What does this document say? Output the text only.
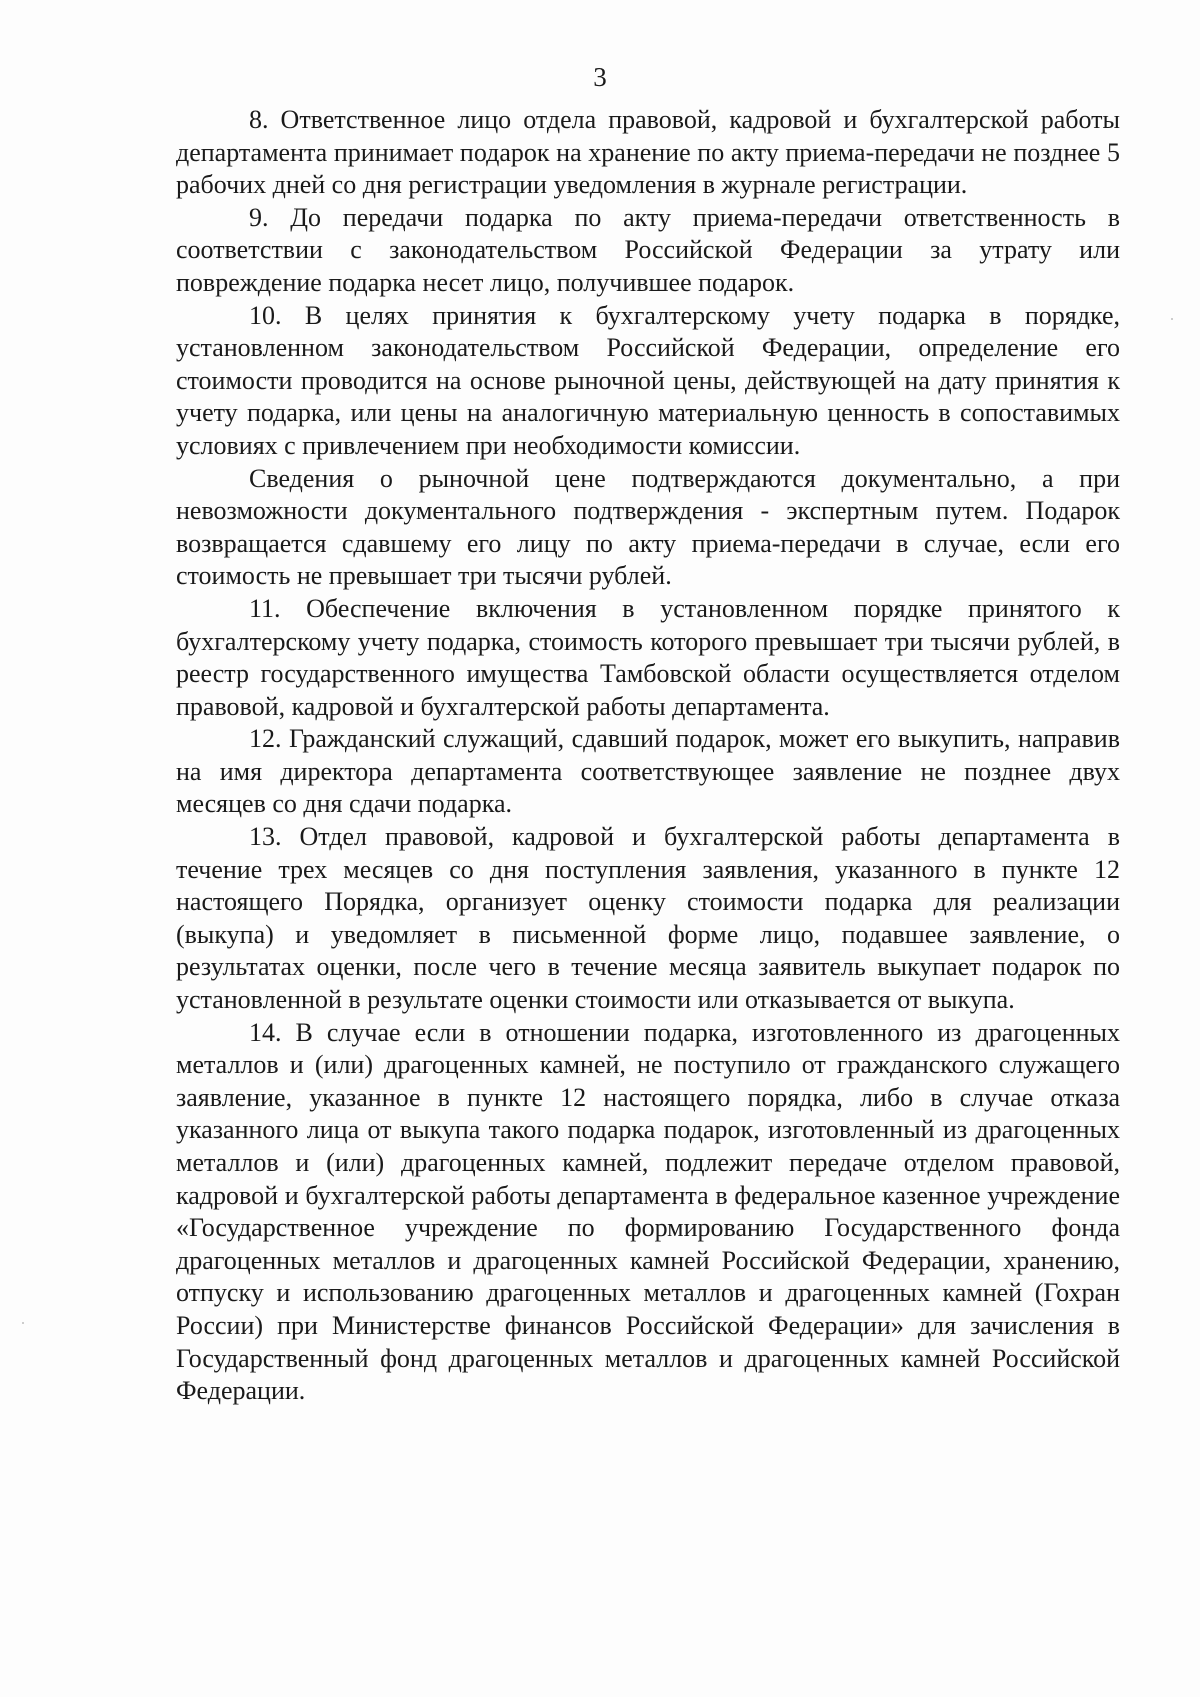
3

8. Ответственное лицо отдела правовой, кадровой и бухгалтерской работы департамента принимает подарок на хранение по акту приема-передачи не позднее 5 рабочих дней со дня регистрации уведомления в журнале регистрации.

9. До передачи подарка по акту приема-передачи ответственность в соответствии с законодательством Российской Федерации за утрату или повреждение подарка несет лицо, получившее подарок.

10. В целях принятия к бухгалтерскому учету подарка в порядке, установленном законодательством Российской Федерации, определение его стоимости проводится на основе рыночной цены, действующей на дату принятия к учету подарка, или цены на аналогичную материальную ценность в сопоставимых условиях с привлечением при необходимости комиссии.

Сведения о рыночной цене подтверждаются документально, а при невозможности документального подтверждения - экспертным путем. Подарок возвращается сдавшему его лицу по акту приема-передачи в случае, если его стоимость не превышает три тысячи рублей.

11. Обеспечение включения в установленном порядке принятого к бухгалтерскому учету подарка, стоимость которого превышает три тысячи рублей, в реестр государственного имущества Тамбовской области осуществляется отделом правовой, кадровой и бухгалтерской работы департамента.

12. Гражданский служащий, сдавший подарок, может его выкупить, направив на имя директора департамента соответствующее заявление не позднее двух месяцев со дня сдачи подарка.

13. Отдел правовой, кадровой и бухгалтерской работы департамента в течение трех месяцев со дня поступления заявления, указанного в пункте 12 настоящего Порядка, организует оценку стоимости подарка для реализации (выкупа) и уведомляет в письменной форме лицо, подавшее заявление, о результатах оценки, после чего в течение месяца заявитель выкупает подарок по установленной в результате оценки стоимости или отказывается от выкупа.

14. В случае если в отношении подарка, изготовленного из драгоценных металлов и (или) драгоценных камней, не поступило от гражданского служащего заявление, указанное в пункте 12 настоящего порядка, либо в случае отказа указанного лица от выкупа такого подарка подарок, изготовленный из драгоценных металлов и (или) драгоценных камней, подлежит передаче отделом правовой, кадровой и бухгалтерской работы департамента в федеральное казенное учреждение «Государственное учреждение по формированию Государственного фонда драгоценных металлов и драгоценных камней Российской Федерации, хранению, отпуску и использованию драгоценных металлов и драгоценных камней (Гохран России) при Министерстве финансов Российской Федерации» для зачисления в Государственный фонд драгоценных металлов и драгоценных камней Российской Федерации.
